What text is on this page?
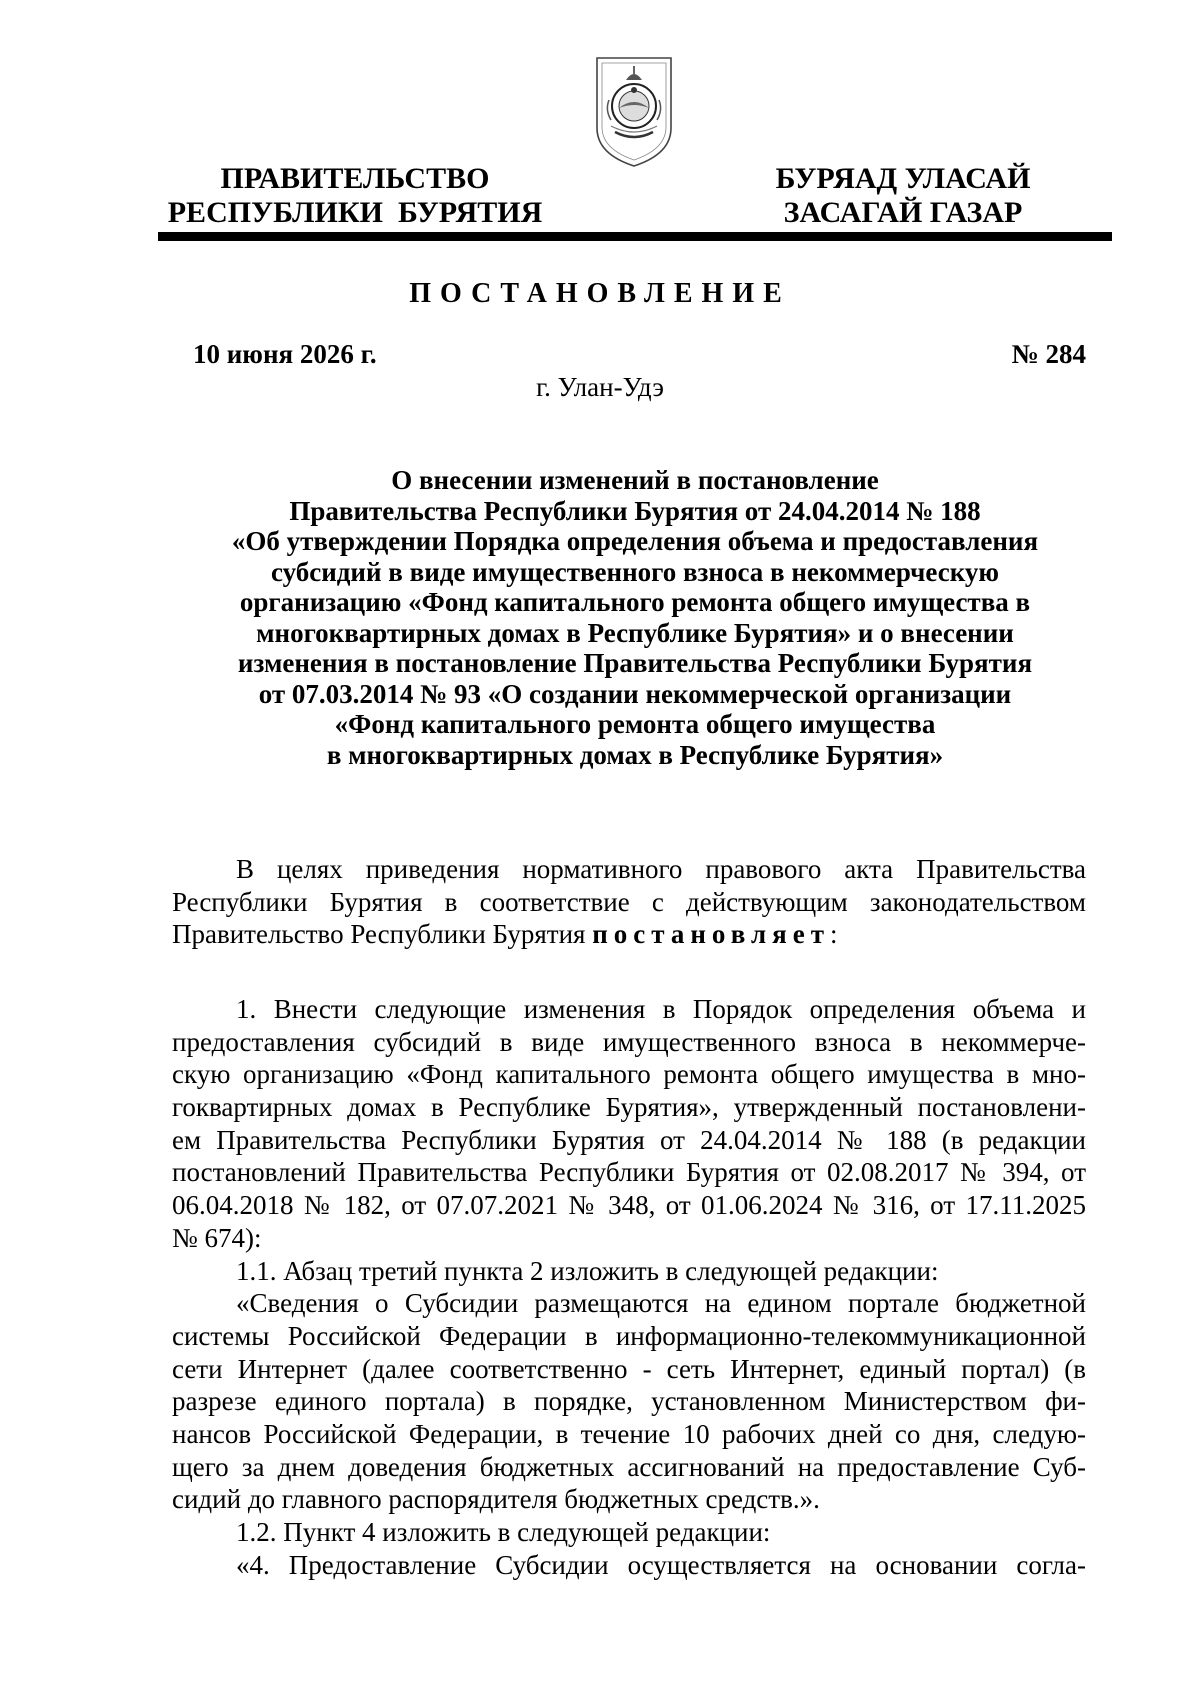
ПРАВИТЕЛЬСТВО
РЕСПУБЛИКИ  БУРЯТИЯ
БУРЯАД УЛАСАЙ
ЗАСАГАЙ ГАЗАР
ПОСТАНОВЛЕНИЕ
10 июня 2026 г.	№ 284
г. Улан-Удэ
О внесении изменений в постановление
Правительства Республики Бурятия от 24.04.2014 № 188
«Об утверждении Порядка определения объема и предоставления
субсидий в виде имущественного взноса в некоммерческую
организацию «Фонд капитального ремонта общего имущества в
многоквартирных домах в Республике Бурятия» и о внесении
изменения в постановление Правительства Республики Бурятия
от 07.03.2014 № 93 «О создании некоммерческой организации
«Фонд капитального ремонта общего имущества
в многоквартирных домах в Республике Бурятия»
В целях приведения нормативного правового акта Правительства
Республики Бурятия в соответствие с действующим законодательством
Правительство Республики Бурятия постановляет:
1. Внести следующие изменения в Порядок определения объема и
предоставления субсидий в виде имущественного взноса в некоммерче-
скую организацию «Фонд капитального ремонта общего имущества в мно-
гоквартирных домах в Республике Бурятия», утвержденный постановлени-
ем Правительства Республики Бурятия от 24.04.2014 № 188 (в редакции
постановлений Правительства Республики Бурятия от 02.08.2017 № 394, от
06.04.2018 № 182, от 07.07.2021 № 348, от 01.06.2024 № 316, от 17.11.2025
№ 674):
1.1. Абзац третий пункта 2 изложить в следующей редакции:
«Сведения о Субсидии размещаются на едином портале бюджетной
системы Российской Федерации в информационно-телекоммуникационной
сети Интернет (далее соответственно - сеть Интернет, единый портал) (в
разрезе единого портала) в порядке, установленном Министерством фи-
нансов Российской Федерации, в течение 10 рабочих дней со дня, следую-
щего за днем доведения бюджетных ассигнований на предоставление Суб-
сидий до главного распорядителя бюджетных средств.».
1.2. Пункт 4 изложить в следующей редакции:
«4. Предоставление Субсидии осуществляется на основании согла-
